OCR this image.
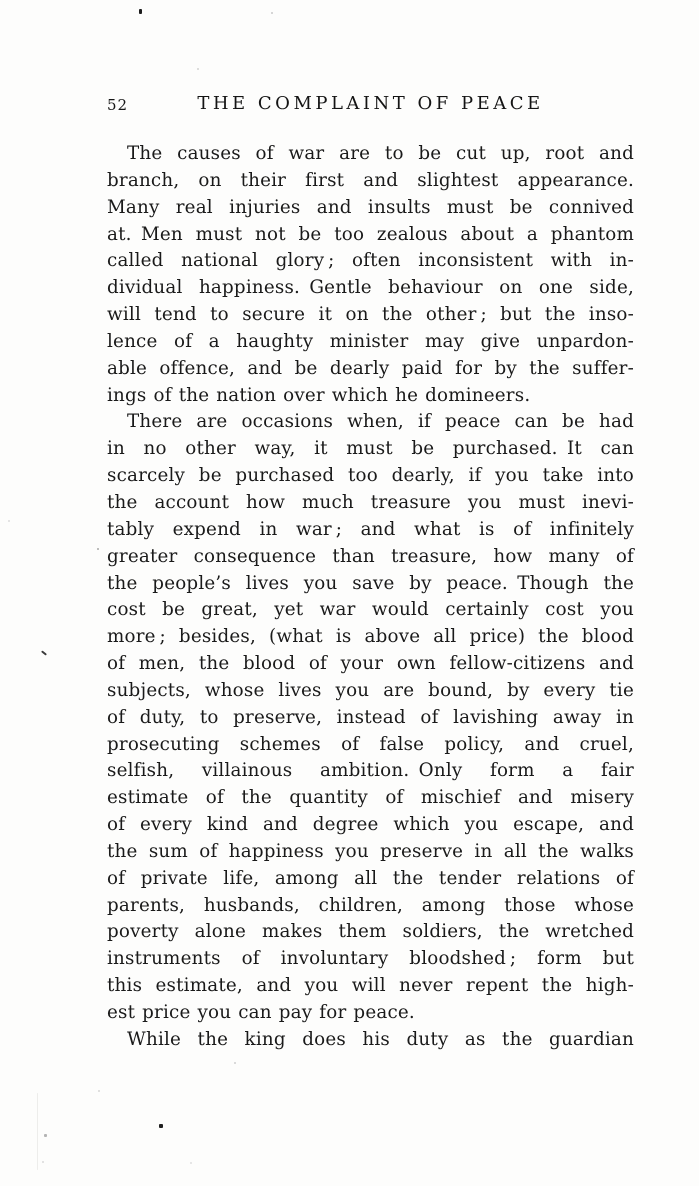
52	THE COMPLAINT OF PEACE
The causes of war are to be cut up, root and
branch, on their first and slightest appearance.
Many real injuries and insults must be connived
at. Men must not be too zealous about a phantom
called national glory ; often inconsistent with in-
dividual happiness. Gentle behaviour on one side,
will tend to secure it on the other ; but the inso-
lence of a haughty minister may give unpardon-
able offence, and be dearly paid for by the suffer-
ings of the nation over which he domineers.
There are occasions when, if peace can be had
in no other way, it must be purchased. It can
scarcely be purchased too dearly, if you take into
the account how much treasure you must inevi-
tably expend in war ; and what is of infinitely
greater consequence than treasure, how many of
the people’s lives you save by peace. Though the
cost be great, yet war would certainly cost you
more ; besides, (what is above all price) the blood
of men, the blood of your own fellow-citizens and
subjects, whose lives you are bound, by every tie
of duty, to preserve, instead of lavishing away in
prosecuting schemes of false policy, and cruel,
selfish, villainous ambition. Only form a fair
estimate of the quantity of mischief and misery
of every kind and degree which you escape, and
the sum of happiness you preserve in all the walks
of private life, among all the tender relations of
parents, husbands, children, among those whose
poverty alone makes them soldiers, the wretched
instruments of involuntary bloodshed ; form but
this estimate, and you will never repent the high-
est price you can pay for peace.
While the king does his duty as the guardian
